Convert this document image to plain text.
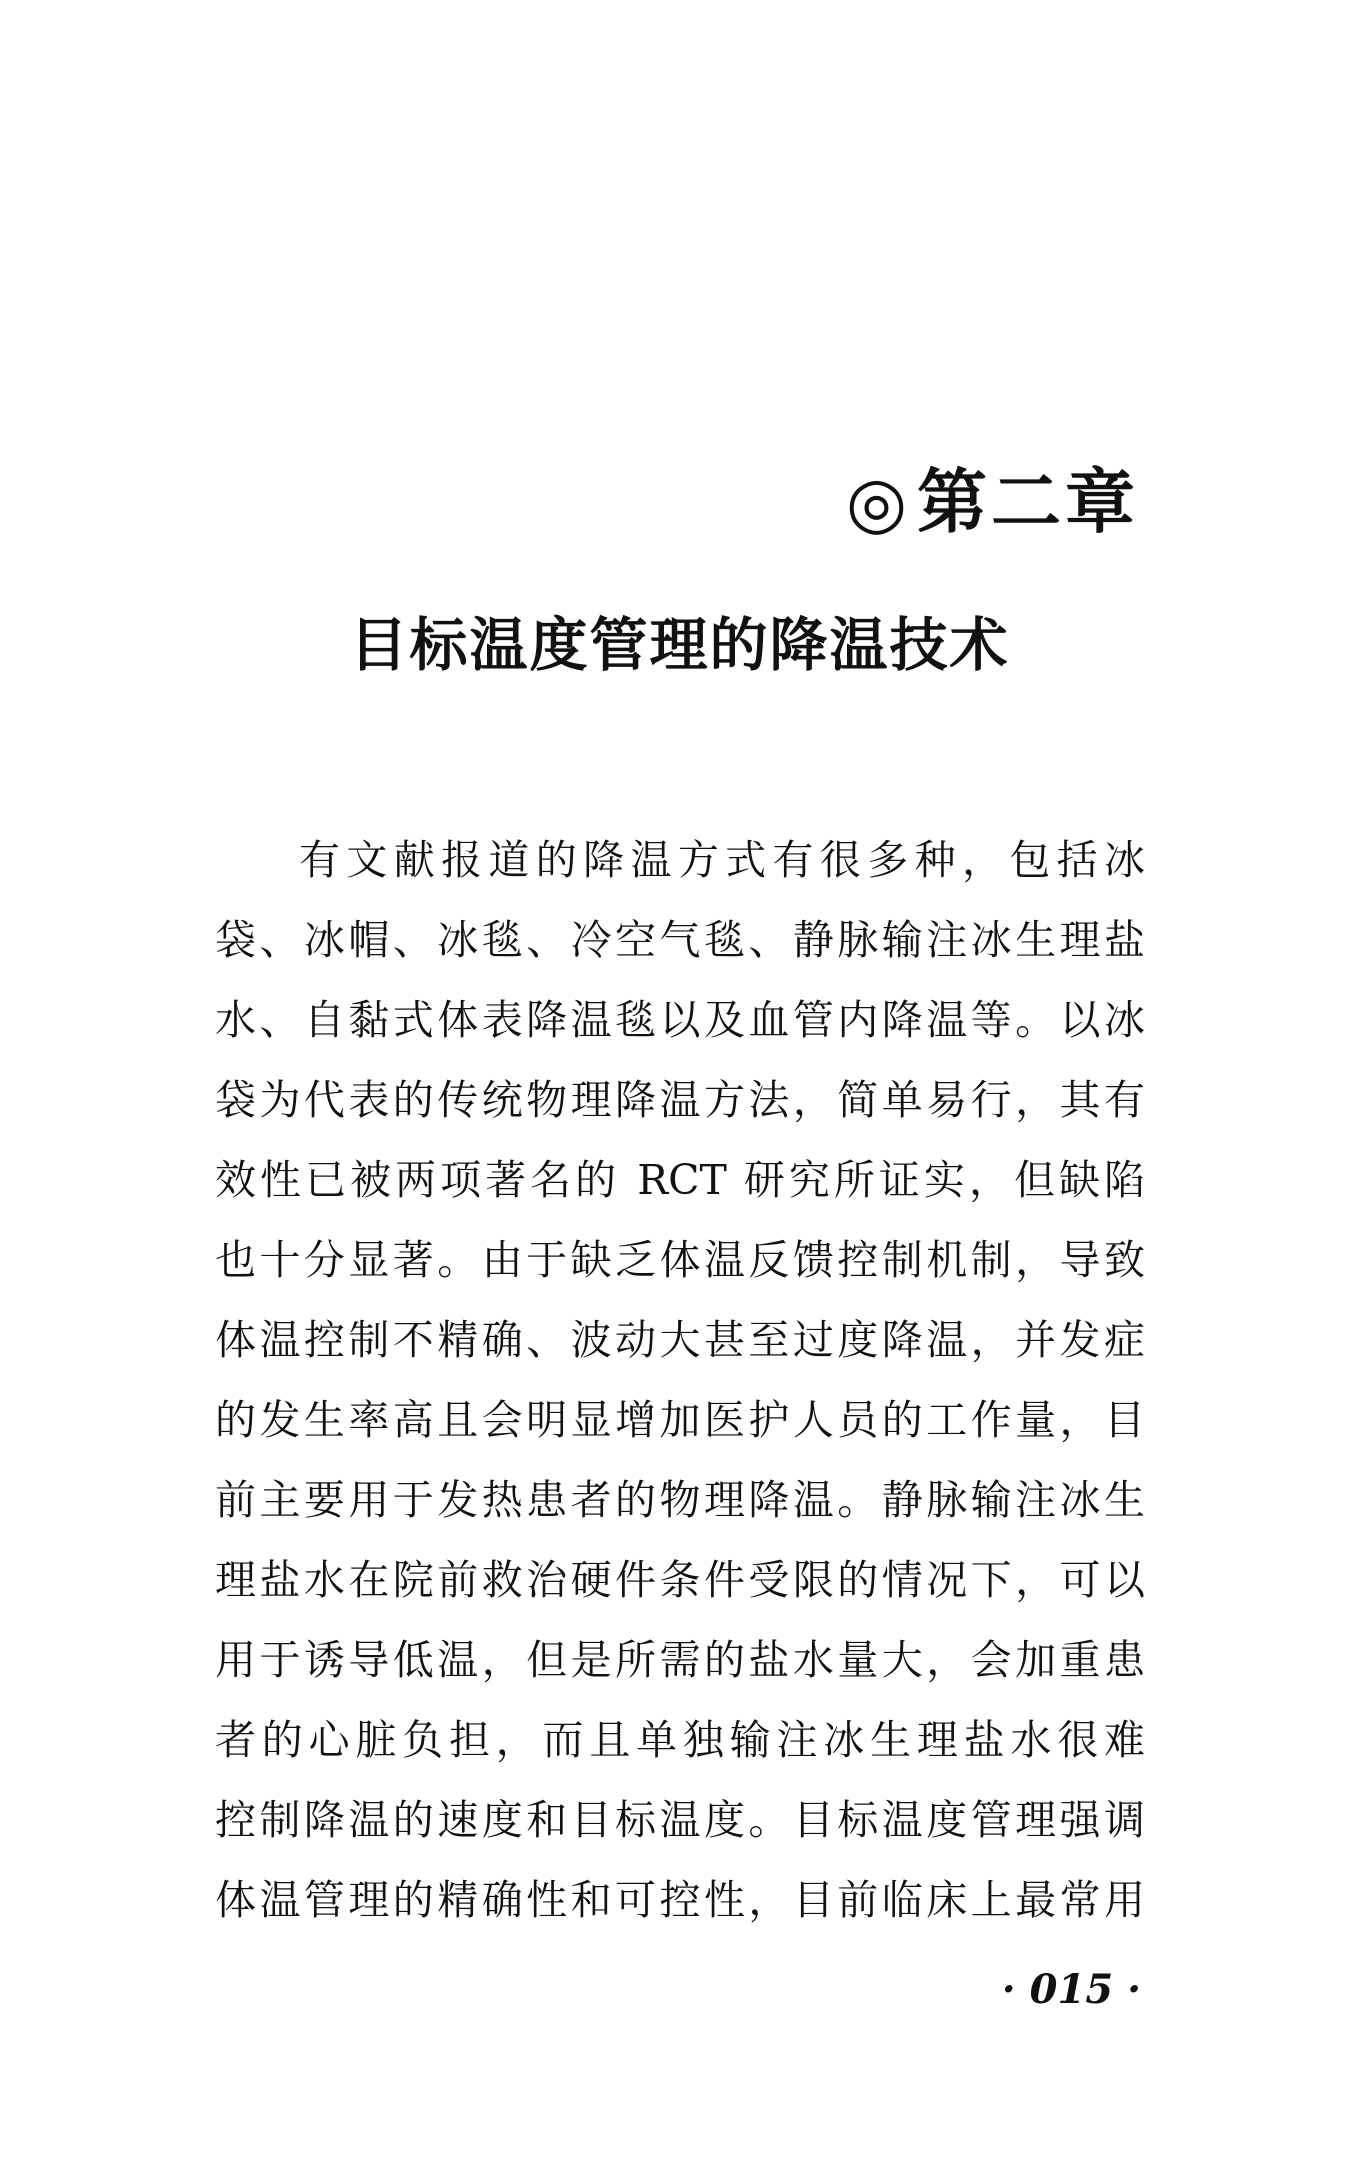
◎第二章
目标温度管理的降温技术
有文献报道的降温方式有很多种，包括冰
袋、冰帽、冰毯、冷空气毯、静脉输注冰生理盐
水、自黏式体表降温毯以及血管内降温等。以冰
袋为代表的传统物理降温方法，简单易行，其有
效性已被两项著名的 RCT 研究所证实，但缺陷
也十分显著。由于缺乏体温反馈控制机制，导致
体温控制不精确、波动大甚至过度降温，并发症
的发生率高且会明显增加医护人员的工作量，目
前主要用于发热患者的物理降温。静脉输注冰生
理盐水在院前救治硬件条件受限的情况下，可以
用于诱导低温，但是所需的盐水量大，会加重患
者的心脏负担，而且单独输注冰生理盐水很难
控制降温的速度和目标温度。目标温度管理强调
体温管理的精确性和可控性，目前临床上最常用
· 015 ·
